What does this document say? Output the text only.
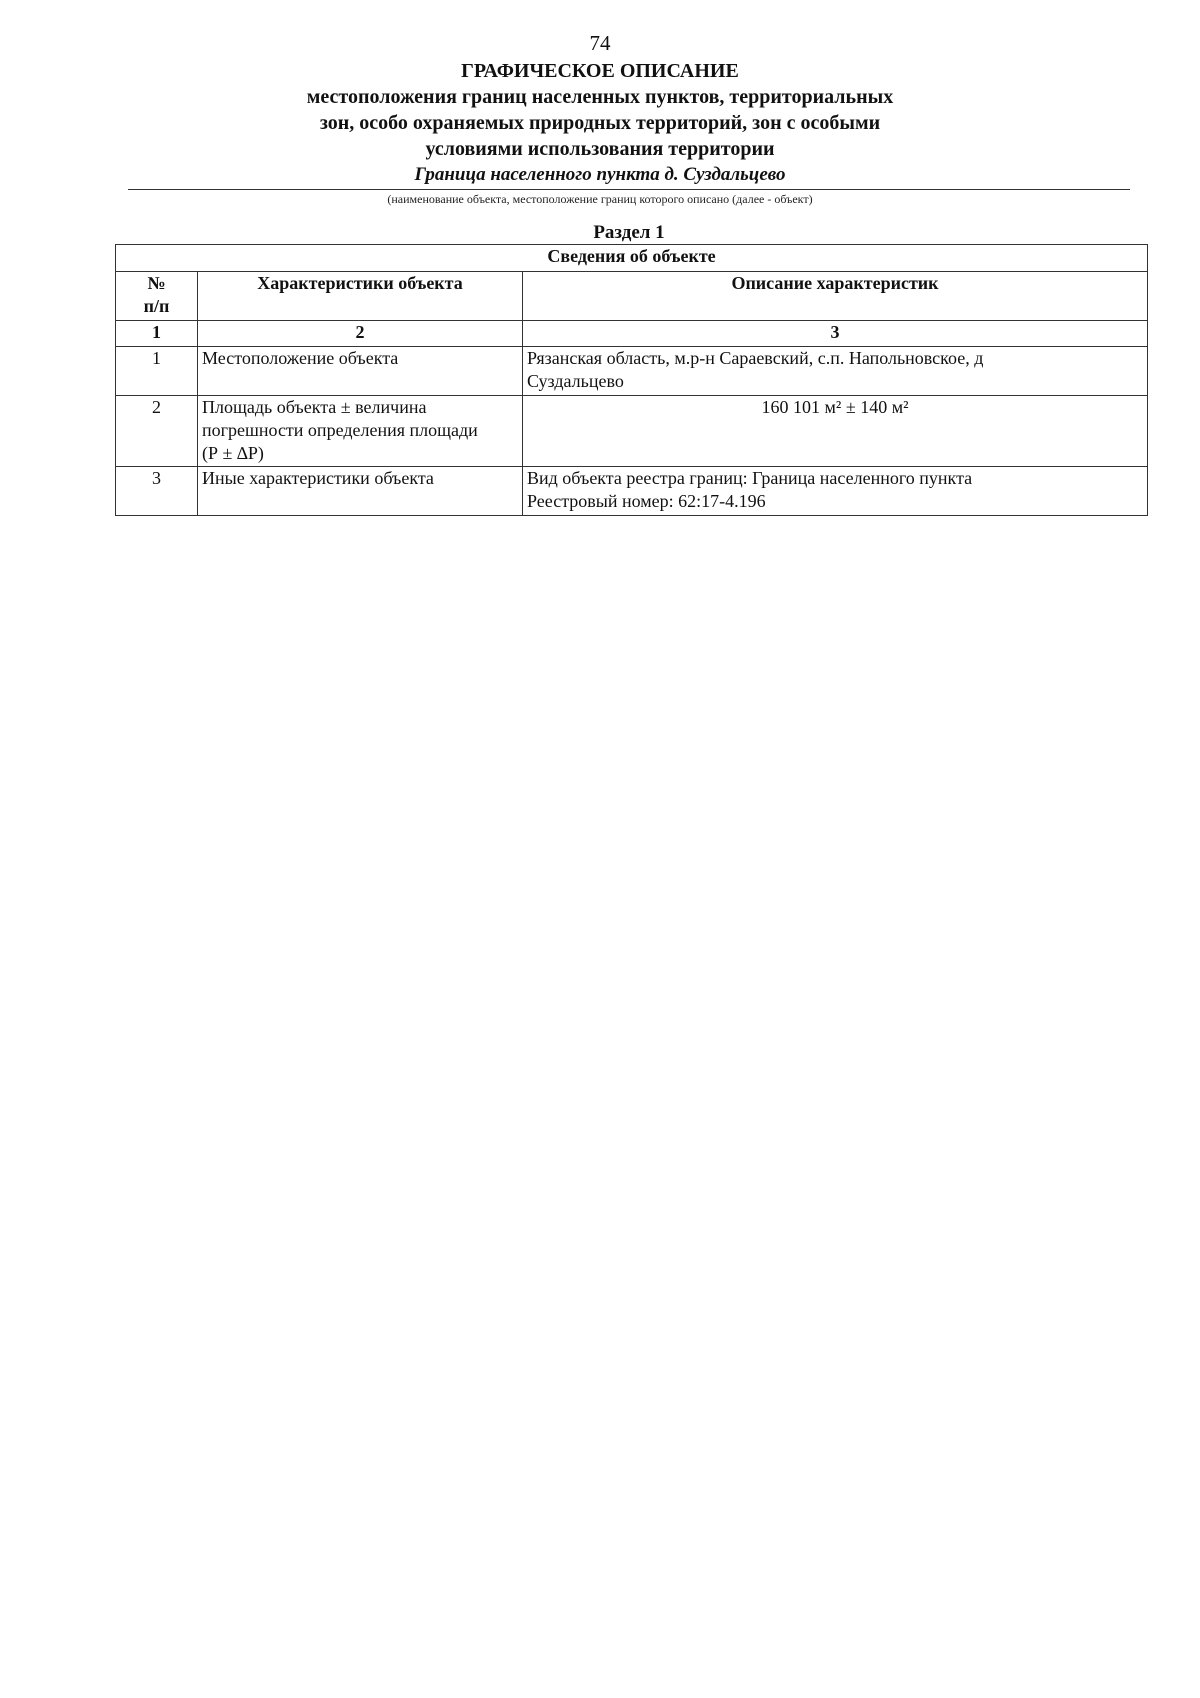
74
ГРАФИЧЕСКОЕ ОПИСАНИЕ
местоположения границ населенных пунктов, территориальных
зон, особо охраняемых природных территорий, зон с особыми
условиями использования территории
Граница населенного пункта д. Суздальцево
(наименование объекта, местоположение границ которого описано (далее - объект)
Раздел 1
Сведения об объекте		

№
п/п	Характеристики объекта	Описание характеристик
1	2	3
1	Местоположение объекта	Рязанская область, м.р-н Сараевский, с.п. Напольновское, д
Суздальцево

2	Площадь объекта ± величина
погрешности определения площади
(Р ± ∆Р)	160 101 м² ± 140 м²

3	Иные характеристики объекта	Вид объекта реестра границ: Граница населенного пункта
Реестровый номер: 62:17-4.196
